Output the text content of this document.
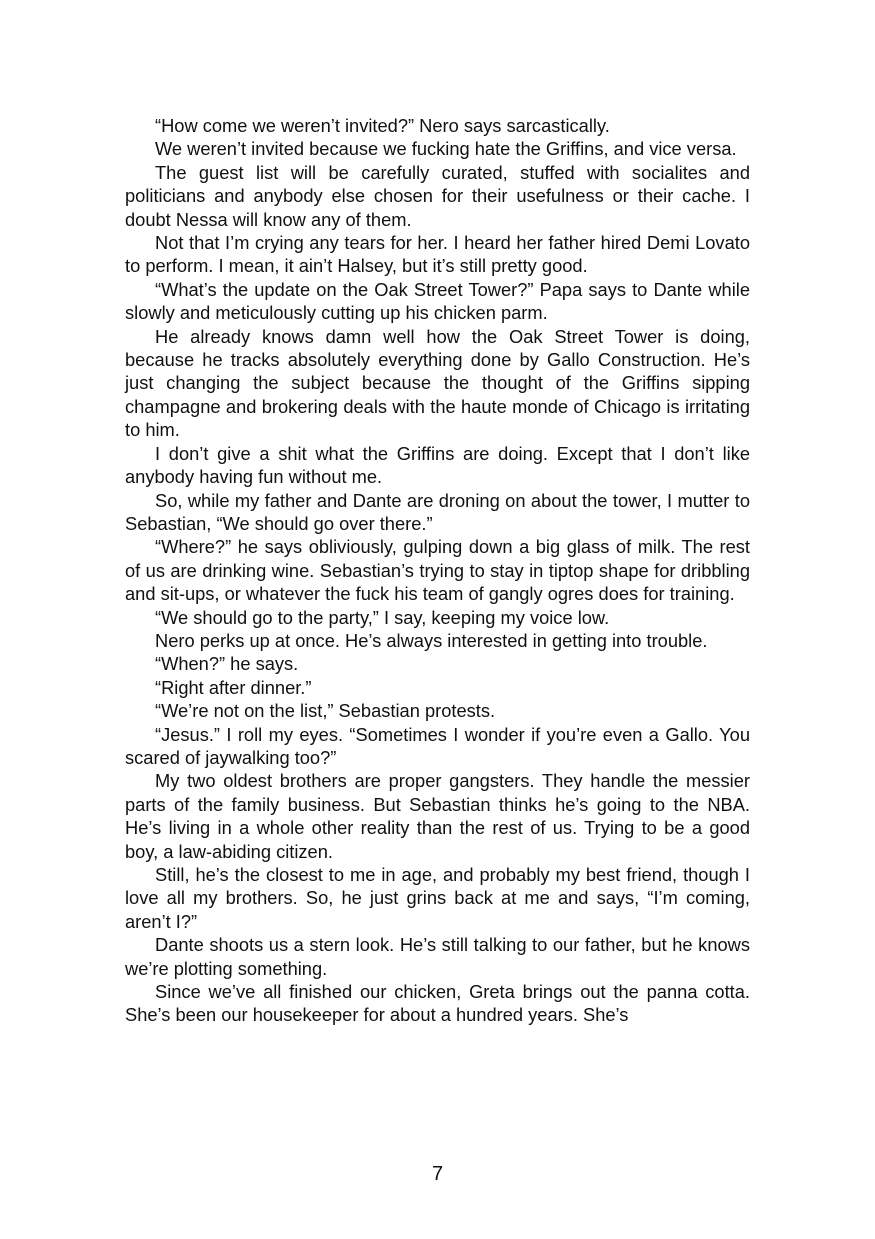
“How come we weren’t invited?” Nero says sarcastically.

We weren’t invited because we fucking hate the Griffins, and vice versa.

The guest list will be carefully curated, stuffed with socialites and politicians and anybody else chosen for their usefulness or their cache. I doubt Nessa will know any of them.

Not that I’m crying any tears for her. I heard her father hired Demi Lovato to perform. I mean, it ain’t Halsey, but it’s still pretty good.

“What’s the update on the Oak Street Tower?” Papa says to Dante while slowly and meticulously cutting up his chicken parm.

He already knows damn well how the Oak Street Tower is doing, because he tracks absolutely everything done by Gallo Construction. He’s just changing the subject because the thought of the Griffins sipping champagne and brokering deals with the haute monde of Chicago is irritating to him.

I don’t give a shit what the Griffins are doing. Except that I don’t like anybody having fun without me.

So, while my father and Dante are droning on about the tower, I mutter to Sebastian, “We should go over there.”

“Where?” he says obliviously, gulping down a big glass of milk. The rest of us are drinking wine. Sebastian’s trying to stay in tiptop shape for dribbling and sit-ups, or whatever the fuck his team of gangly ogres does for training.

“We should go to the party,” I say, keeping my voice low.

Nero perks up at once. He’s always interested in getting into trouble.

“When?” he says.

“Right after dinner.”

“We’re not on the list,” Sebastian protests.

“Jesus.” I roll my eyes. “Sometimes I wonder if you’re even a Gallo. You scared of jaywalking too?”

My two oldest brothers are proper gangsters. They handle the messier parts of the family business. But Sebastian thinks he’s going to the NBA. He’s living in a whole other reality than the rest of us. Trying to be a good boy, a law-abiding citizen.

Still, he’s the closest to me in age, and probably my best friend, though I love all my brothers. So, he just grins back at me and says, “I’m coming, aren’t I?”

Dante shoots us a stern look. He’s still talking to our father, but he knows we’re plotting something.

Since we’ve all finished our chicken, Greta brings out the panna cotta. She’s been our housekeeper for about a hundred years. She’s

7
